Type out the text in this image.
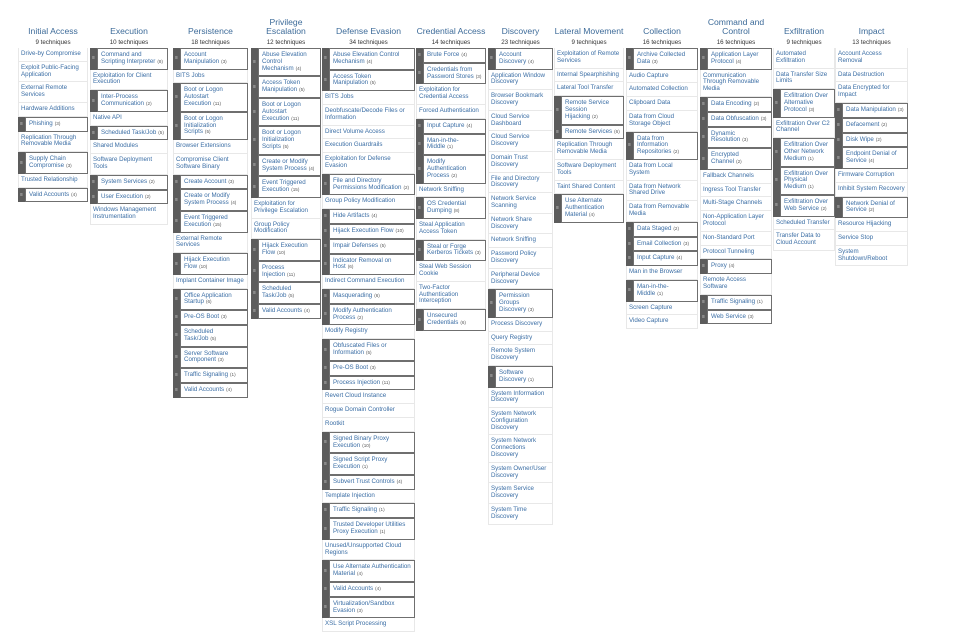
Initial Access
9 techniques
Drive-by Compromise
Exploit Public-Facing Application
External Remote Services
Hardware Additions
≡ Phishing (3)
Replication Through Removable Media
≡
Supply Chain Compromise (3)
Trusted Relationship
≡ Valid Accounts (4)
Execution
10 techniques
≡
Command and Scripting Interpreter (8)
Exploitation for Client Execution
≡
Inter-Process Communication (2)
Native API
≡ Scheduled Task/Job (5)
Shared Modules
Software Deployment Tools
≡ System Services (2)
≡ User Execution (2)
Windows Management Instrumentation
Persistence
18 techniques
≡
Account Manipulation (3)
BITS Jobs
≡
Boot or Logon Autostart Execution (11)
≡
Boot or Logon Initialization Scripts (5)
Browser Extensions
Compromise Client Software Binary
≡ Create Account (3)
≡
Create or Modify System Process (4)
≡
Event Triggered Execution (15)
External Remote Services
≡
Hijack Execution Flow (10)
Implant Container Image
≡
Office Application Startup (6)
≡ Pre-OS Boot (3)
≡
Scheduled Task/Job (5)
≡
Server Software Component (3)
≡ Traffic Signaling (1)
≡ Valid Accounts (4)
Privilege Escalation
12 techniques
≡
Abuse Elevation Control Mechanism (4)
≡
Access Token Manipulation (5)
≡
Boot or Logon Autostart Execution (11)
≡
Boot or Logon Initialization Scripts (5)
≡
Create or Modify System Process (4)
≡
Event Triggered Execution (15)
Exploitation for Privilege Escalation
Group Policy Modification
≡
Hijack Execution Flow (10)
≡
Process Injection (11)
≡
Scheduled Task/Job (5)
≡ Valid Accounts (4)
Defense Evasion
34 techniques
≡
Abuse Elevation Control Mechanism (4)
≡
Access Token Manipulation (5)
BITS Jobs
Deobfuscate/Decode Files or Information
Direct Volume Access
Execution Guardrails
Exploitation for Defense Evasion
≡
File and Directory Permissions Modification (2)
Group Policy Modification
≡ Hide Artifacts (4)
≡ Hijack Execution Flow (10)
≡ Impair Defenses (5)
≡
Indicator Removal on Host (6)
Indirect Command Execution
≡ Masquerading (6)
≡
Modify Authentication Process (2)
Modify Registry
≡
Obfuscated Files or Information (5)
≡ Pre-OS Boot (3)
≡ Process Injection (11)
Revert Cloud Instance
Rogue Domain Controller
Rootkit
≡
Signed Binary Proxy Execution (10)
≡
Signed Script Proxy Execution (1)
≡ Subvert Trust Controls (4)
Template Injection
≡ Traffic Signaling (1)
≡
Trusted Developer Utilities Proxy Execution (1)
Unused/Unsupported Cloud Regions
≡
Use Alternate Authentication Material (4)
≡ Valid Accounts (4)
≡
Virtualization/Sandbox Evasion (3)
XSL Script Processing
Credential Access
14 techniques
≡ Brute Force (4)
≡
Credentials from Password Stores (3)
Exploitation for Credential Access
Forced Authentication
≡ Input Capture (4)
≡
Man-in-the-Middle (1)
≡
Modify Authentication Process (2)
Network Sniffing
≡
OS Credential Dumping (8)
Steal Application Access Token
≡
Steal or Forge Kerberos Tickets (3)
Steal Web Session Cookie
Two-Factor Authentication Interception
≡
Unsecured Credentials (6)
Discovery
23 techniques
≡
Account Discovery (4)
Application Window Discovery
Browser Bookmark Discovery
Cloud Service Dashboard
Cloud Service Discovery
Domain Trust Discovery
File and Directory Discovery
Network Service Scanning
Network Share Discovery
Network Sniffing
Password Policy Discovery
Peripheral Device Discovery
≡
Permission Groups Discovery (3)
Process Discovery
Query Registry
Remote System Discovery
≡
Software Discovery (1)
System Information Discovery
System Network Configuration Discovery
System Network Connections Discovery
System Owner/User Discovery
System Service Discovery
System Time Discovery
Lateral Movement
9 techniques
Exploitation of Remote Services
Internal Spearphishing
Lateral Tool Transfer
≡
Remote Service Session Hijacking (2)
≡ Remote Services (6)
Replication Through Removable Media
Software Deployment Tools
Taint Shared Content
≡
Use Alternate Authentication Material (4)
Collection
16 techniques
≡
Archive Collected Data (3)
Audio Capture
Automated Collection
Clipboard Data
Data from Cloud Storage Object
≡
Data from Information Repositories (2)
Data from Local System
Data from Network Shared Drive
Data from Removable Media
≡ Data Staged (2)
≡ Email Collection (3)
≡ Input Capture (4)
Man in the Browser
≡
Man-in-the-Middle (1)
Screen Capture
Video Capture
Command and Control
16 techniques
≡
Application Layer Protocol (4)
Communication Through Removable Media
≡ Data Encoding (2)
≡ Data Obfuscation (3)
≡
Dynamic Resolution (3)
≡
Encrypted Channel (2)
Fallback Channels
Ingress Tool Transfer
Multi-Stage Channels
Non-Application Layer Protocol
Non-Standard Port
Protocol Tunneling
≡ Proxy (4)
Remote Access Software
≡ Traffic Signaling (1)
≡ Web Service (3)
Exfiltration
9 techniques
Automated Exfiltration
Data Transfer Size Limits
≡
Exfiltration Over Alternative Protocol (3)
Exfiltration Over C2 Channel
≡
Exfiltration Over Other Network Medium (1)
≡
Exfiltration Over Physical Medium (1)
≡
Exfiltration Over Web Service (2)
Scheduled Transfer
Transfer Data to Cloud Account
Impact
13 techniques
Account Access Removal
Data Destruction
Data Encrypted for Impact
≡ Data Manipulation (3)
≡ Defacement (2)
≡ Disk Wipe (2)
≡
Endpoint Denial of Service (4)
Firmware Corruption
Inhibit System Recovery
≡
Network Denial of Service (2)
Resource Hijacking
Service Stop
System Shutdown/Reboot
